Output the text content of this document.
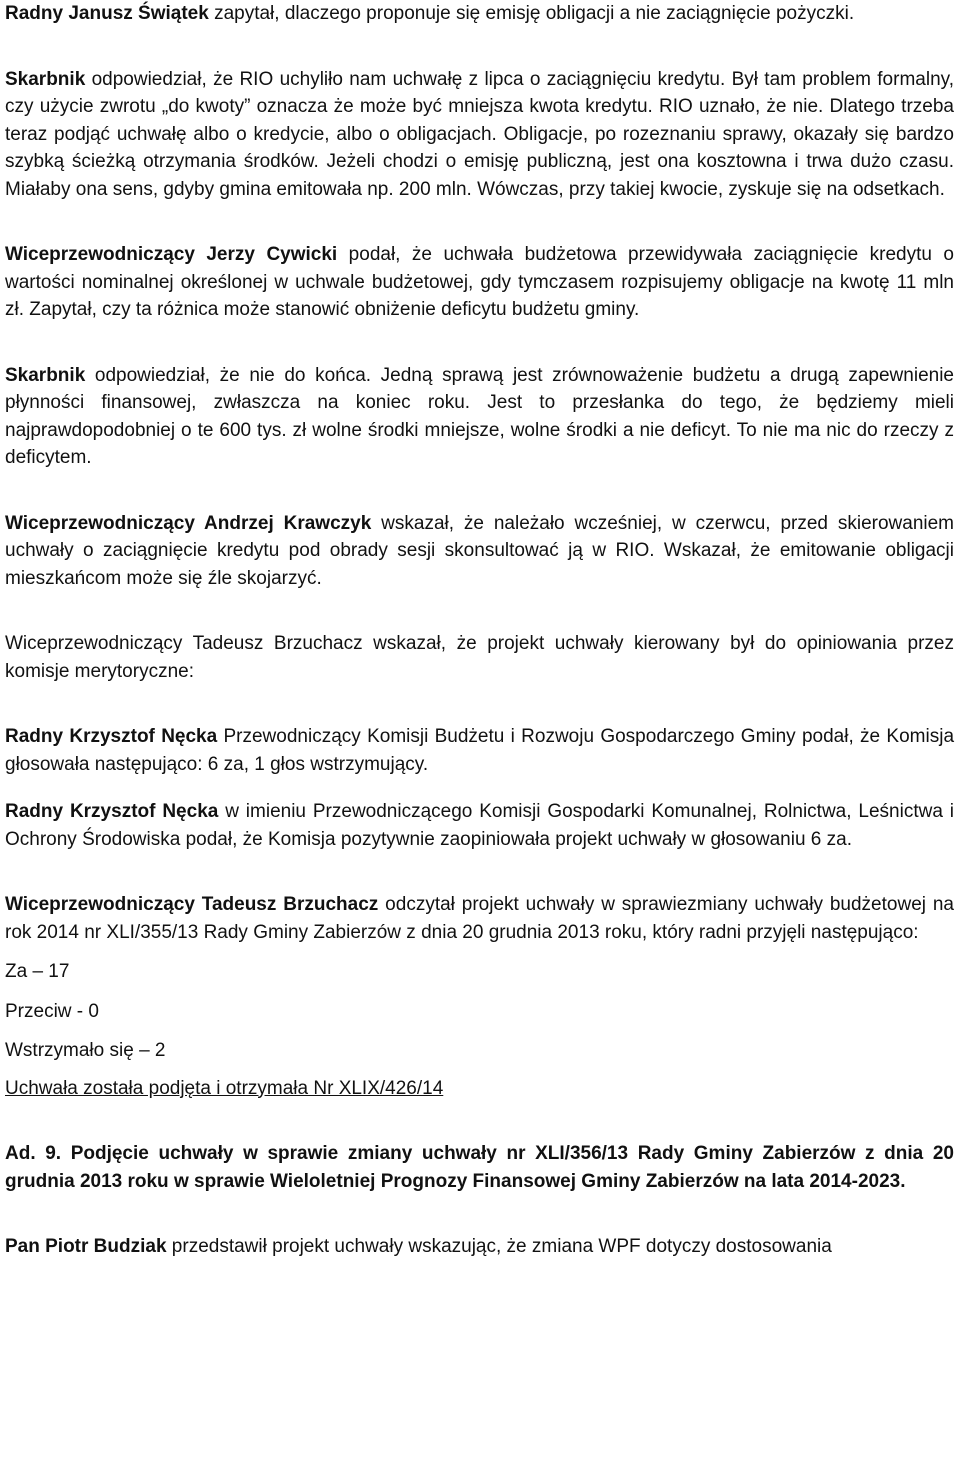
Radny Janusz Świątek zapytał, dlaczego proponuje się emisję obligacji a nie zaciągnięcie pożyczki.

Skarbnik odpowiedział, że RIO uchyliło nam uchwałę z lipca o zaciągnięciu kredytu. Był tam problem formalny, czy użycie zwrotu „do kwoty” oznacza że może być mniejsza kwota kredytu. RIO uznało, że nie. Dlatego trzeba teraz podjąć uchwałę albo o kredycie, albo o obligacjach. Obligacje, po rozeznaniu sprawy, okazały się bardzo szybką ścieżką otrzymania środków. Jeżeli chodzi o emisję publiczną, jest ona kosztowna i trwa dużo czasu. Miałaby ona sens, gdyby gmina emitowała np. 200 mln. Wówczas, przy takiej kwocie, zyskuje się na odsetkach.

Wiceprzewodniczący Jerzy Cywicki podał, że uchwała budżetowa przewidywała zaciągnięcie kredytu o wartości nominalnej określonej w uchwale budżetowej, gdy tymczasem rozpisujemy obligacje na kwotę 11 mln zł. Zapytał, czy ta różnica może stanowić obniżenie deficytu budżetu gminy.

Skarbnik odpowiedział, że nie do końca. Jedną sprawą jest zrównoważenie budżetu a drugą zapewnienie płynności finansowej, zwłaszcza na koniec roku. Jest to przesłanka do tego, że będziemy mieli najprawdopodobniej o te 600 tys. zł wolne środki mniejsze, wolne środki a nie deficyt. To nie ma nic do rzeczy z deficytem.

Wiceprzewodniczący Andrzej Krawczyk wskazał, że należało wcześniej, w czerwcu, przed skierowaniem uchwały o zaciągnięcie kredytu pod obrady sesji skonsultować ją w RIO. Wskazał, że emitowanie obligacji mieszkańcom może się źle skojarzyć.

Wiceprzewodniczący Tadeusz Brzuchacz wskazał, że projekt uchwały kierowany był do opiniowania przez komisje merytoryczne:

Radny Krzysztof Nęcka Przewodniczący Komisji Budżetu i Rozwoju Gospodarczego Gminy podał, że Komisja głosowała następująco: 6 za, 1 głos wstrzymujący.

Radny Krzysztof Nęcka w imieniu Przewodniczącego Komisji Gospodarki Komunalnej, Rolnictwa, Leśnictwa i Ochrony Środowiska podał, że Komisja pozytywnie zaopiniowała projekt uchwały w głosowaniu 6 za.

Wiceprzewodniczący Tadeusz Brzuchacz odczytał projekt uchwały w sprawiezmiany uchwały budżetowej na rok 2014 nr XLI/355/13 Rady Gminy Zabierzów z dnia 20 grudnia 2013 roku, który radni przyjęli następująco:

Za – 17

Przeciw - 0

Wstrzymało się – 2

Uchwała została podjęta i otrzymała Nr XLIX/426/14

Ad. 9. Podjęcie uchwały w sprawie zmiany uchwały nr XLI/356/13 Rady Gminy Zabierzów z dnia 20 grudnia 2013 roku w sprawie Wieloletniej Prognozy Finansowej Gminy Zabierzów na lata 2014-2023.

Pan Piotr Budziak przedstawił projekt uchwały wskazując, że zmiana WPF dotyczy dostosowania
